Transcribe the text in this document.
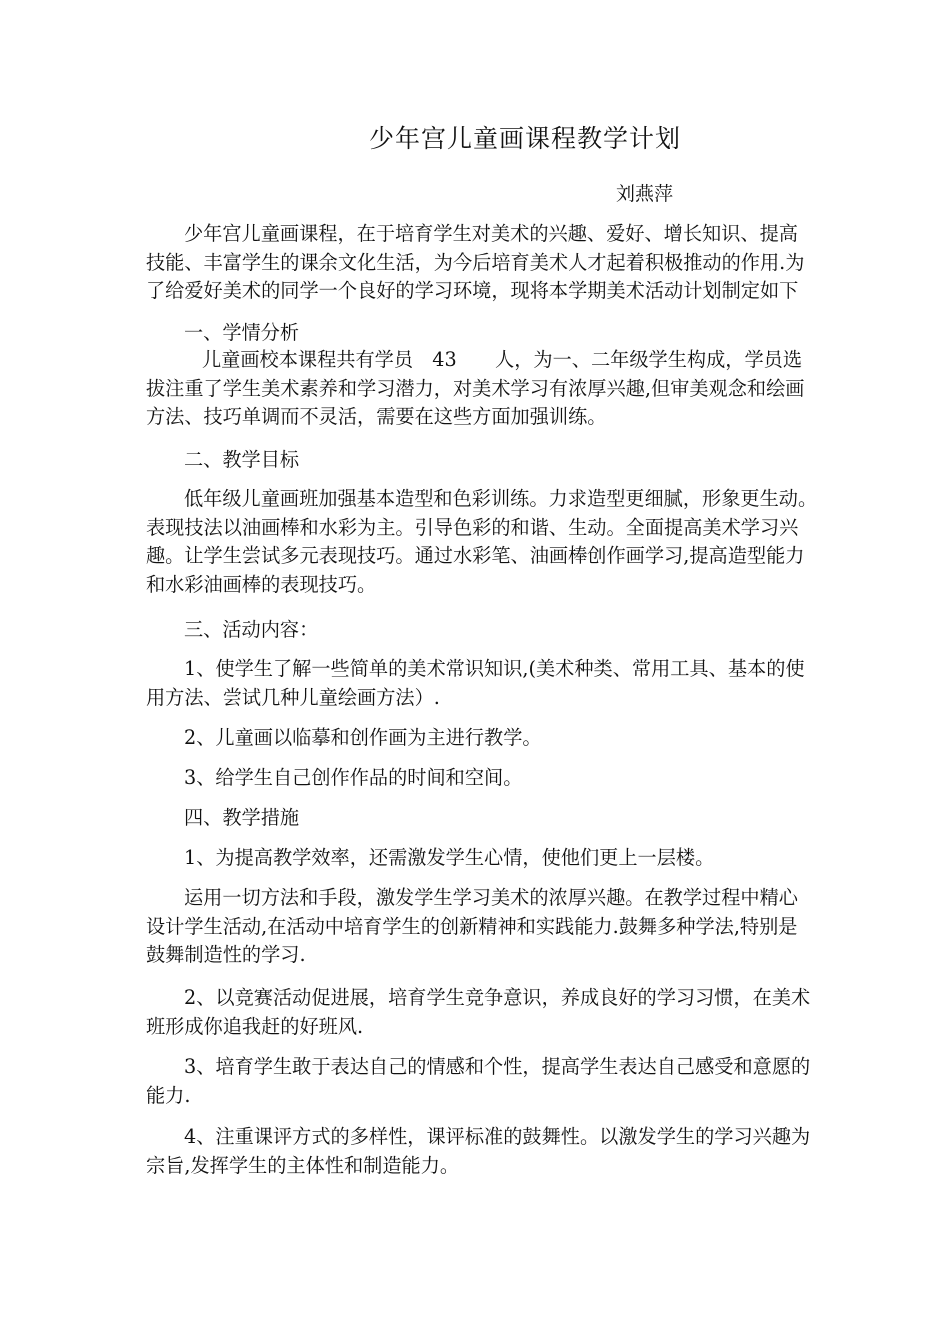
少年宫儿童画课程教学计划
刘燕萍
少年宫儿童画课程，在于培育学生对美术的兴趣、爱好、增长知识、提高
技能、丰富学生的课余文化生活，为今后培育美术人才起着积极推动的作用.为
了给爱好美术的同学一个良好的学习环境，现将本学期美术活动计划制定如下
一、学情分析
儿童画校本课程共有学员　43　　人，为一、二年级学生构成，学员选
拔注重了学生美术素养和学习潜力，对美术学习有浓厚兴趣,但审美观念和绘画
方法、技巧单调而不灵活，需要在这些方面加强训练。
二、教学目标
低年级儿童画班加强基本造型和色彩训练。力求造型更细腻，形象更生动。
表现技法以油画棒和水彩为主。引导色彩的和谐、生动。全面提高美术学习兴
趣。让学生尝试多元表现技巧。通过水彩笔、油画棒创作画学习,提高造型能力
和水彩油画棒的表现技巧。
三、活动内容：
1、使学生了解一些简单的美术常识知识,(美术种类、常用工具、基本的使
用方法、尝试几种儿童绘画方法）.
2、儿童画以临摹和创作画为主进行教学。
3、给学生自己创作作品的时间和空间。
四、教学措施
1、为提高教学效率，还需激发学生心情，使他们更上一层楼。
运用一切方法和手段，激发学生学习美术的浓厚兴趣。在教学过程中精心
设计学生活动,在活动中培育学生的创新精神和实践能力.鼓舞多种学法,特别是
鼓舞制造性的学习.
2、以竞赛活动促进展，培育学生竞争意识，养成良好的学习习惯，在美术
班形成你追我赶的好班风.
3、培育学生敢于表达自己的情感和个性，提高学生表达自己感受和意愿的
能力.
4、注重课评方式的多样性，课评标准的鼓舞性。以激发学生的学习兴趣为
宗旨,发挥学生的主体性和制造能力。
